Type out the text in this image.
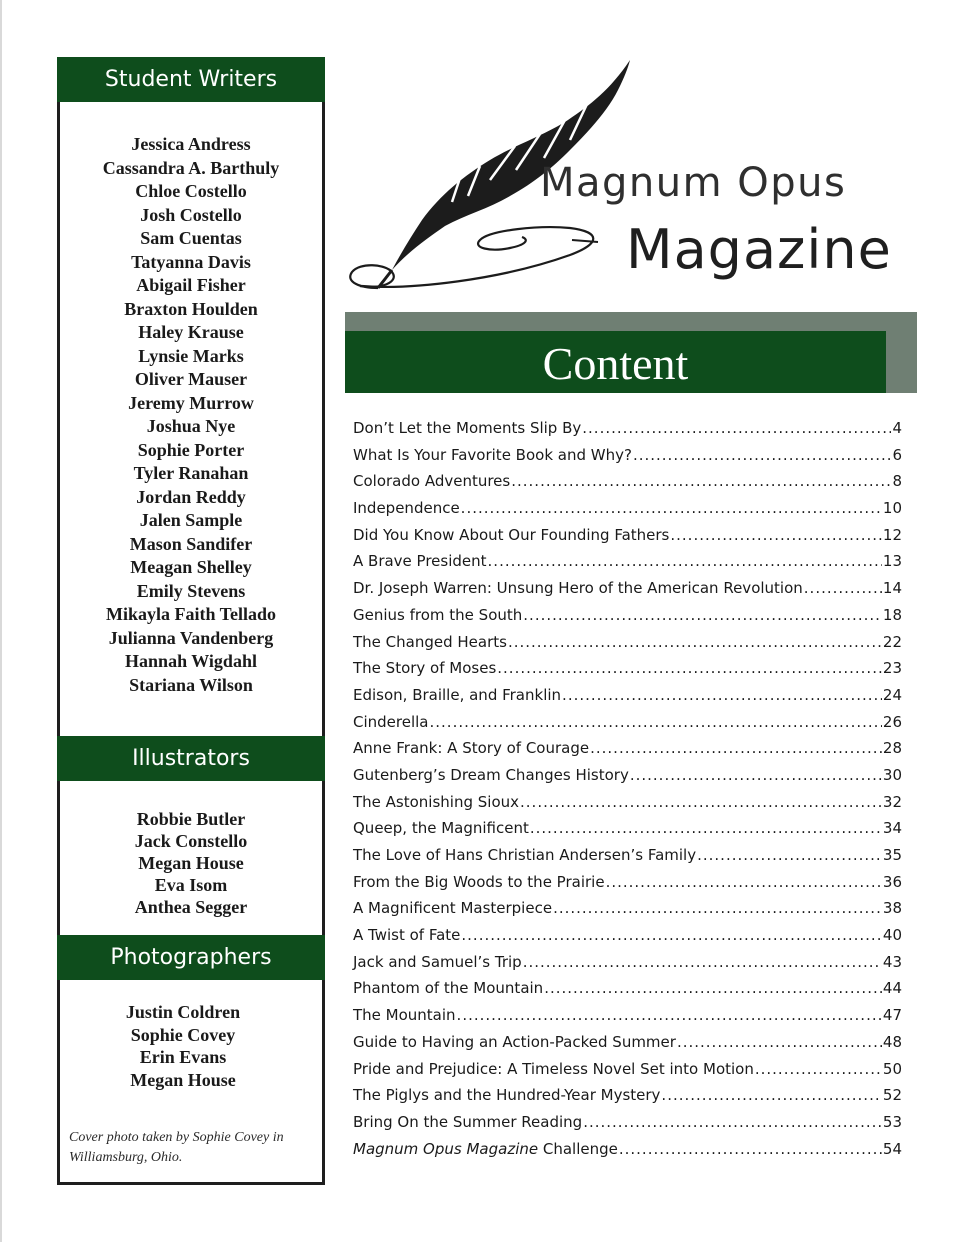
Student Writers
Jessica Andress
Cassandra A. Barthuly
Chloe Costello
Josh Costello
Sam Cuentas
Tatyanna Davis
Abigail Fisher
Braxton Houlden
Haley Krause
Lynsie Marks
Oliver Mauser
Jeremy Murrow
Joshua Nye
Sophie Porter
Tyler Ranahan
Jordan Reddy
Jalen Sample
Mason Sandifer
Meagan Shelley
Emily Stevens
Mikayla Faith Tellado
Julianna Vandenberg
Hannah Wigdahl
Stariana Wilson
Illustrators
Robbie Butler
Jack Constello
Megan House
Eva Isom
Anthea Segger
Photographers
Justin Coldren
Sophie Covey
Erin Evans
Megan House
Cover photo taken by Sophie Covey in Williamsburg, Ohio.
Magnum Opus
Magazine
Content
Don’t Let the Moments Slip By .....	4
What Is Your Favorite Book and Why? .....	6
Colorado Adventures .....	8
Independence .....	10
Did You Know About Our Founding Fathers .....	12
A Brave President .....	13
Dr. Joseph Warren: Unsung Hero of the American Revolution .....	14
Genius from the South .....	18
The Changed Hearts .....	22
The Story of Moses .....	23
Edison, Braille, and Franklin .....	24
Cinderella .....	26
Anne Frank: A Story of Courage .....	28
Gutenberg’s Dream Changes History .....	30
The Astonishing Sioux .....	32
Queep, the Magnificent .....	34
The Love of Hans Christian Andersen’s Family .....	35
From the Big Woods to the Prairie .....	36
A Magnificent Masterpiece .....	38
A Twist of Fate .....	40
Jack and Samuel’s Trip .....	43
Phantom of the Mountain .....	44
The Mountain .....	47
Guide to Having an Action-Packed Summer .....	48
Pride and Prejudice: A Timeless Novel Set into Motion .....	50
The Piglys and the Hundred-Year Mystery .....	52
Bring On the Summer Reading .....	53
Magnum Opus Magazine Challenge .....	54
